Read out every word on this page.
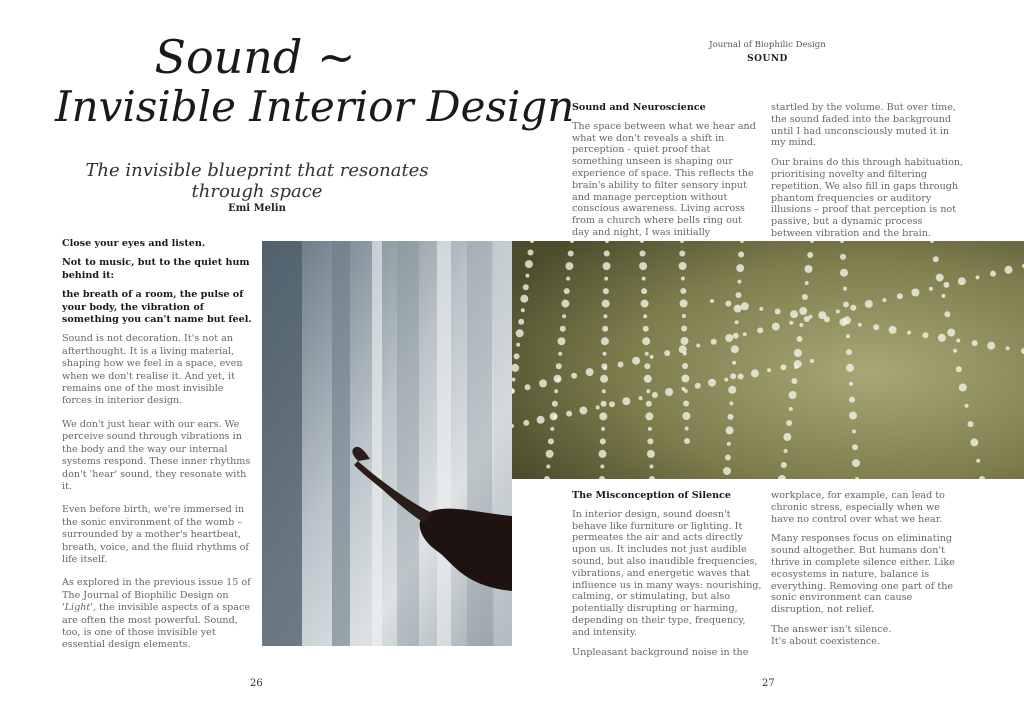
Sound ~
Invisible Interior Design
The invisible blueprint that resonates through space
Emi Melin

Close your eyes and listen.

Not to music, but to the quiet hum behind it:

the breath of a room, the pulse of your body, the vibration of something you can't name but feel.

Sound is not decoration. It's not an afterthought. It is a living material, shaping how we feel in a space, even when we don't realise it. And yet, it remains one of the most invisible forces in interior design.

We don't just hear with our ears. We perceive sound through vibrations in the body and the way our internal systems respond. These inner rhythms don't 'hear' sound, they resonate with it.

Even before birth, we're immersed in the sonic environment of the womb – surrounded by a mother's heartbeat, breath, voice, and the fluid rhythms of life itself.

As explored in the previous issue 15 of The Journal of Biophilic Design on 'Light', the invisible aspects of a space are often the most powerful. Sound, too, is one of those invisible yet essential design elements.

Journal of Biophilic Design
SOUND
Sound and Neuroscience

The space between what we hear and what we don't reveals a shift in perception - quiet proof that something unseen is shaping our experience of space. This reflects the brain's ability to filter sensory input and manage perception without conscious awareness. Living across from a church where bells ring out day and night, I was initially

startled by the volume. But over time, the sound faded into the background until I had unconsciously muted it in my mind.

Our brains do this through habituation, prioritising novelty and filtering repetition. We also fill in gaps through phantom frequencies or auditory illusions – proof that perception is not passive, but a dynamic process between vibration and the brain.

The Misconception of Silence

In interior design, sound doesn't behave like furniture or lighting. It permeates the air and acts directly upon us. It includes not just audible sound, but also inaudible frequencies, vibrations, and energetic waves that influence us in many ways: nourishing, calming, or stimulating, but also potentially disrupting or harming, depending on their type, frequency, and intensity.

Unpleasant background noise in the

workplace, for example, can lead to chronic stress, especially when we have no control over what we hear.

Many responses focus on eliminating sound altogether. But humans don't thrive in complete silence either. Like ecosystems in nature, balance is everything. Removing one part of the sonic environment can cause disruption, not relief.

The answer isn't silence.
It's about coexistence.

26	27
